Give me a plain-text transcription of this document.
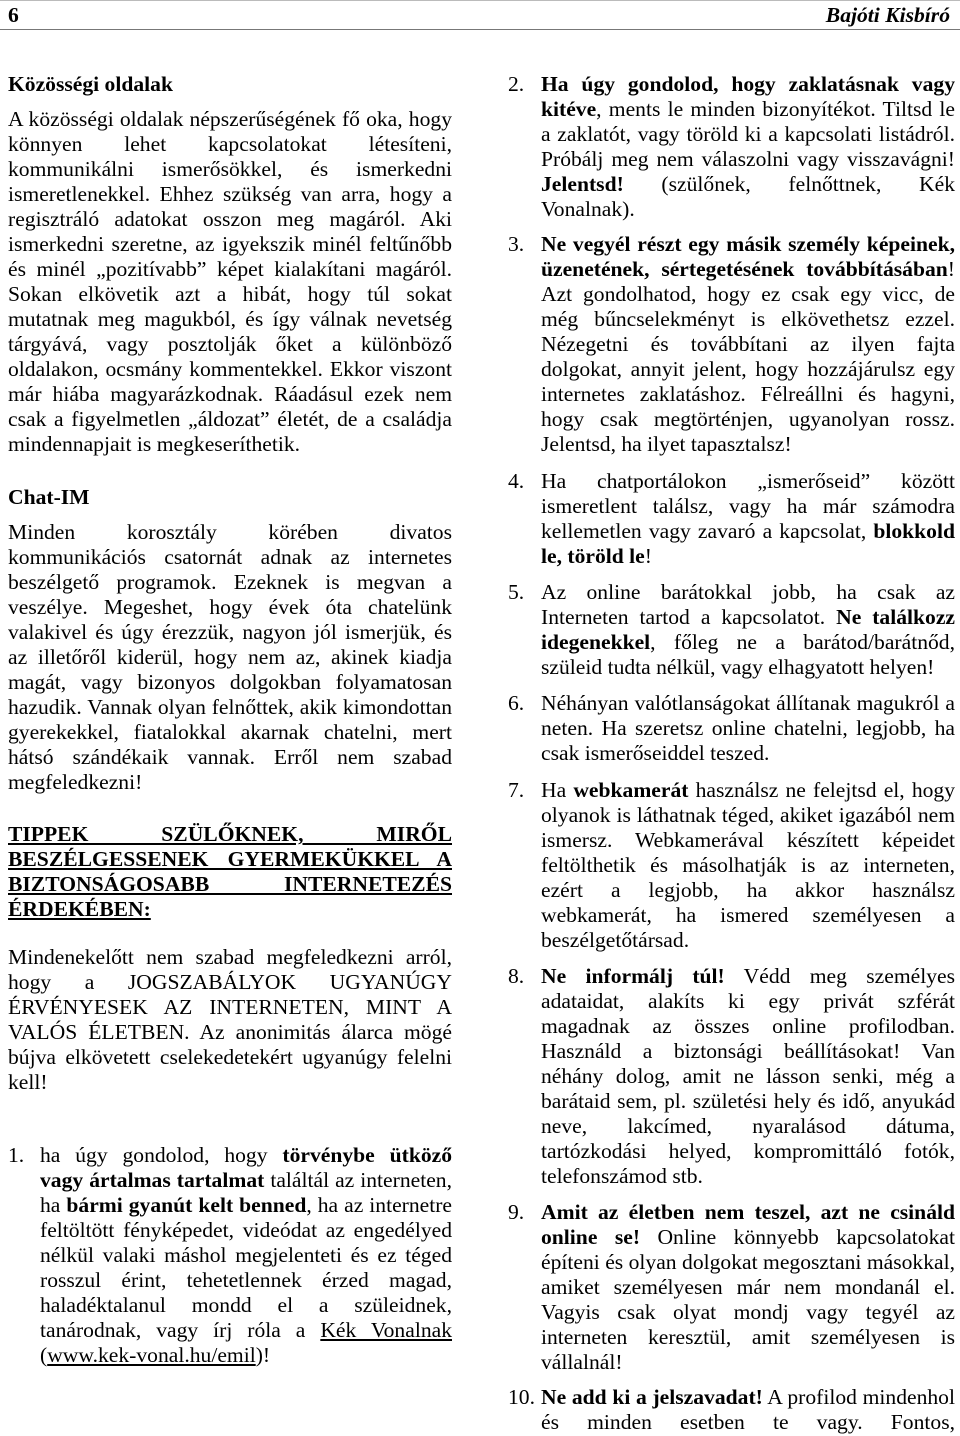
6	Bajóti Kisbíró
Közösségi oldalak

A közösségi oldalak népszerűségének fő oka, hogy könnyen lehet kapcsolatokat létesíteni, kommunikálni ismerősökkel, és ismerkedni ismeretlenekkel. Ehhez szükség van arra, hogy a regisztráló adatokat osszon meg magáról. Aki ismerkedni szeretne, az igyekszik minél feltűnőbb és minél „pozitívabb” képet kialakítani magáról. Sokan elkövetik azt a hibát, hogy túl sokat mutatnak meg magukból, és így válnak nevetség tárgyává, vagy posztolják őket a különböző oldalakon, ocsmány kommentekkel. Ekkor viszont már hiába magyarázkodnak. Ráadásul ezek nem csak a figyelmetlen „áldozat” életét, de a családja mindennapjait is megkeseríthetik.

Chat-IM

Minden korosztály körében divatos kommunikációs csatornát adnak az internetes beszélgető programok. Ezeknek is megvan a veszélye. Megeshet, hogy évek óta chatelünk valakivel és úgy érezzük, nagyon jól ismerjük, és az illetőről kiderül, hogy nem az, akinek kiadja magát, vagy bizonyos dolgokban folyamatosan hazudik. Vannak olyan felnőttek, akik kimondottan gyerekekkel, fiatalokkal akarnak chatelni, mert hátsó szándékaik vannak. Erről nem szabad megfeledkezni!

TIPPEK SZÜLŐKNEK, MIRŐL BESZÉLGESSENEK GYERMEKÜKKEL A BIZTONSÁGOSABB INTERNETEZÉS ÉRDEKÉBEN:

Mindenekelőtt nem szabad megfeledkezni arról, hogy a JOGSZABÁLYOK UGYANÚGY ÉRVÉNYESEK AZ INTERNETEN, MINT A VALÓS ÉLETBEN. Az anonimitás álarca mögé bújva elkövetett cselekedetekért ugyanúgy felelni kell!

1. ha úgy gondolod, hogy törvénybe ütköző vagy ártalmas tartalmat találtál az interneten, ha bármi gyanút kelt benned, ha az internetre feltöltött fényképedet, videódat az engedélyed nélkül valaki máshol megjelenteti és ez téged rosszul érint, tehetetlennek érzed magad, haladéktalanul mondd el a szüleidnek, tanárodnak, vagy írj róla a Kék Vonalnak (www.kek-vonal.hu/emil)!
2. Ha úgy gondolod, hogy zaklatásnak vagy kitéve, ments le minden bizonyítékot. Tiltsd le a zaklatót, vagy töröld ki a kapcsolati listádról. Próbálj meg nem válaszolni vagy visszavágni! Jelentsd! (szülőnek, felnőttnek, Kék Vonalnak).
3. Ne vegyél részt egy másik személy képeinek, üzenetének, sértegetésének továbbításában! Azt gondolhatod, hogy ez csak egy vicc, de még bűncselekményt is elkövethetsz ezzel. Nézegetni és továbbítani az ilyen fajta dolgokat, annyit jelent, hogy hozzájárulsz egy internetes zaklatáshoz. Félreállni és hagyni, hogy csak megtörténjen, ugyanolyan rossz. Jelentsd, ha ilyet tapasztalsz!
4. Ha chatportálokon „ismerőseid” között ismeretlent találsz, vagy ha már számodra kellemetlen vagy zavaró a kapcsolat, blokkold le, töröld le!
5. Az online barátokkal jobb, ha csak az Interneten tartod a kapcsolatot. Ne találkozz idegenekkel, főleg ne a barátod/barátnőd, szüleid tudta nélkül, vagy elhagyatott helyen!
6. Néhányan valótlanságokat állítanak magukról a neten. Ha szeretsz online chatelni, legjobb, ha csak ismerőseiddel teszed.
7. Ha webkamerát használsz ne felejtsd el, hogy olyanok is láthatnak téged, akiket igazából nem ismersz. Webkamerával készített képeidet feltölthetik és másolhatják is az interneten, ezért a legjobb, ha akkor használsz webkamerát, ha ismered személyesen a beszélgetőtársad.
8. Ne informálj túl! Védd meg személyes adataidat, alakíts ki egy privát szférát magadnak az összes online profilodban. Használd a biztonsági beállításokat! Van néhány dolog, amit ne lásson senki, még a barátaid sem, pl. születési hely és idő, anyukád neve, lakcímed, nyaralásod dátuma, tartózkodási helyed, kompromittáló fotók, telefonszámod stb.
9. Amit az életben nem teszel, azt ne csináld online se! Online könnyebb kapcsolatokat építeni és olyan dolgokat megosztani másokkal, amiket személyesen már nem mondanál el. Vagyis csak olyat mondj vagy tegyél az interneten keresztül, amit személyesen is vállalnál!
10. Ne add ki a jelszavadat! A profilod mindenhol és minden esetben te vagy. Fontos,
